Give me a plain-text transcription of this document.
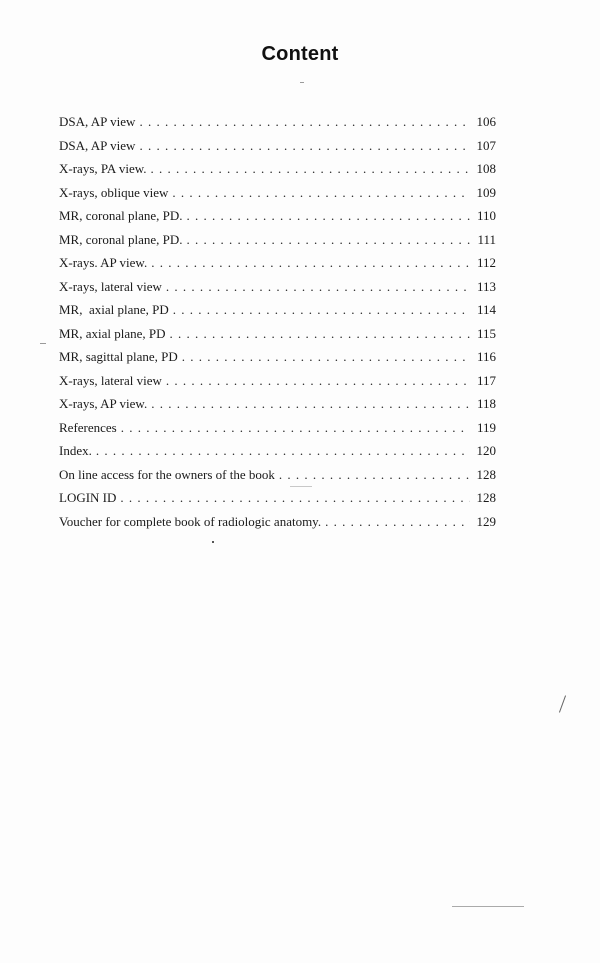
Content
DSA, AP view . . .	106
DSA, AP view . . .	107
X-rays, PA view. . . .	108
X-rays, oblique view . . .	109
MR, coronal plane, PD. . . .	110
MR, coronal plane, PD. . . .	111
X-rays. AP view. . . .	112
X-rays, lateral view . . .	113
MR,  axial plane, PD . . .	114
MR, axial plane, PD . . .	115
MR, sagittal plane, PD . . .	116
X-rays, lateral view . . .	117
X-rays, AP view. . . .	118
References . . .	119
Index. . . .	120
On line access for the owners of the book . . .	128
LOGIN ID . . .	128
Voucher for complete book of radiologic anatomy. . . .	129
